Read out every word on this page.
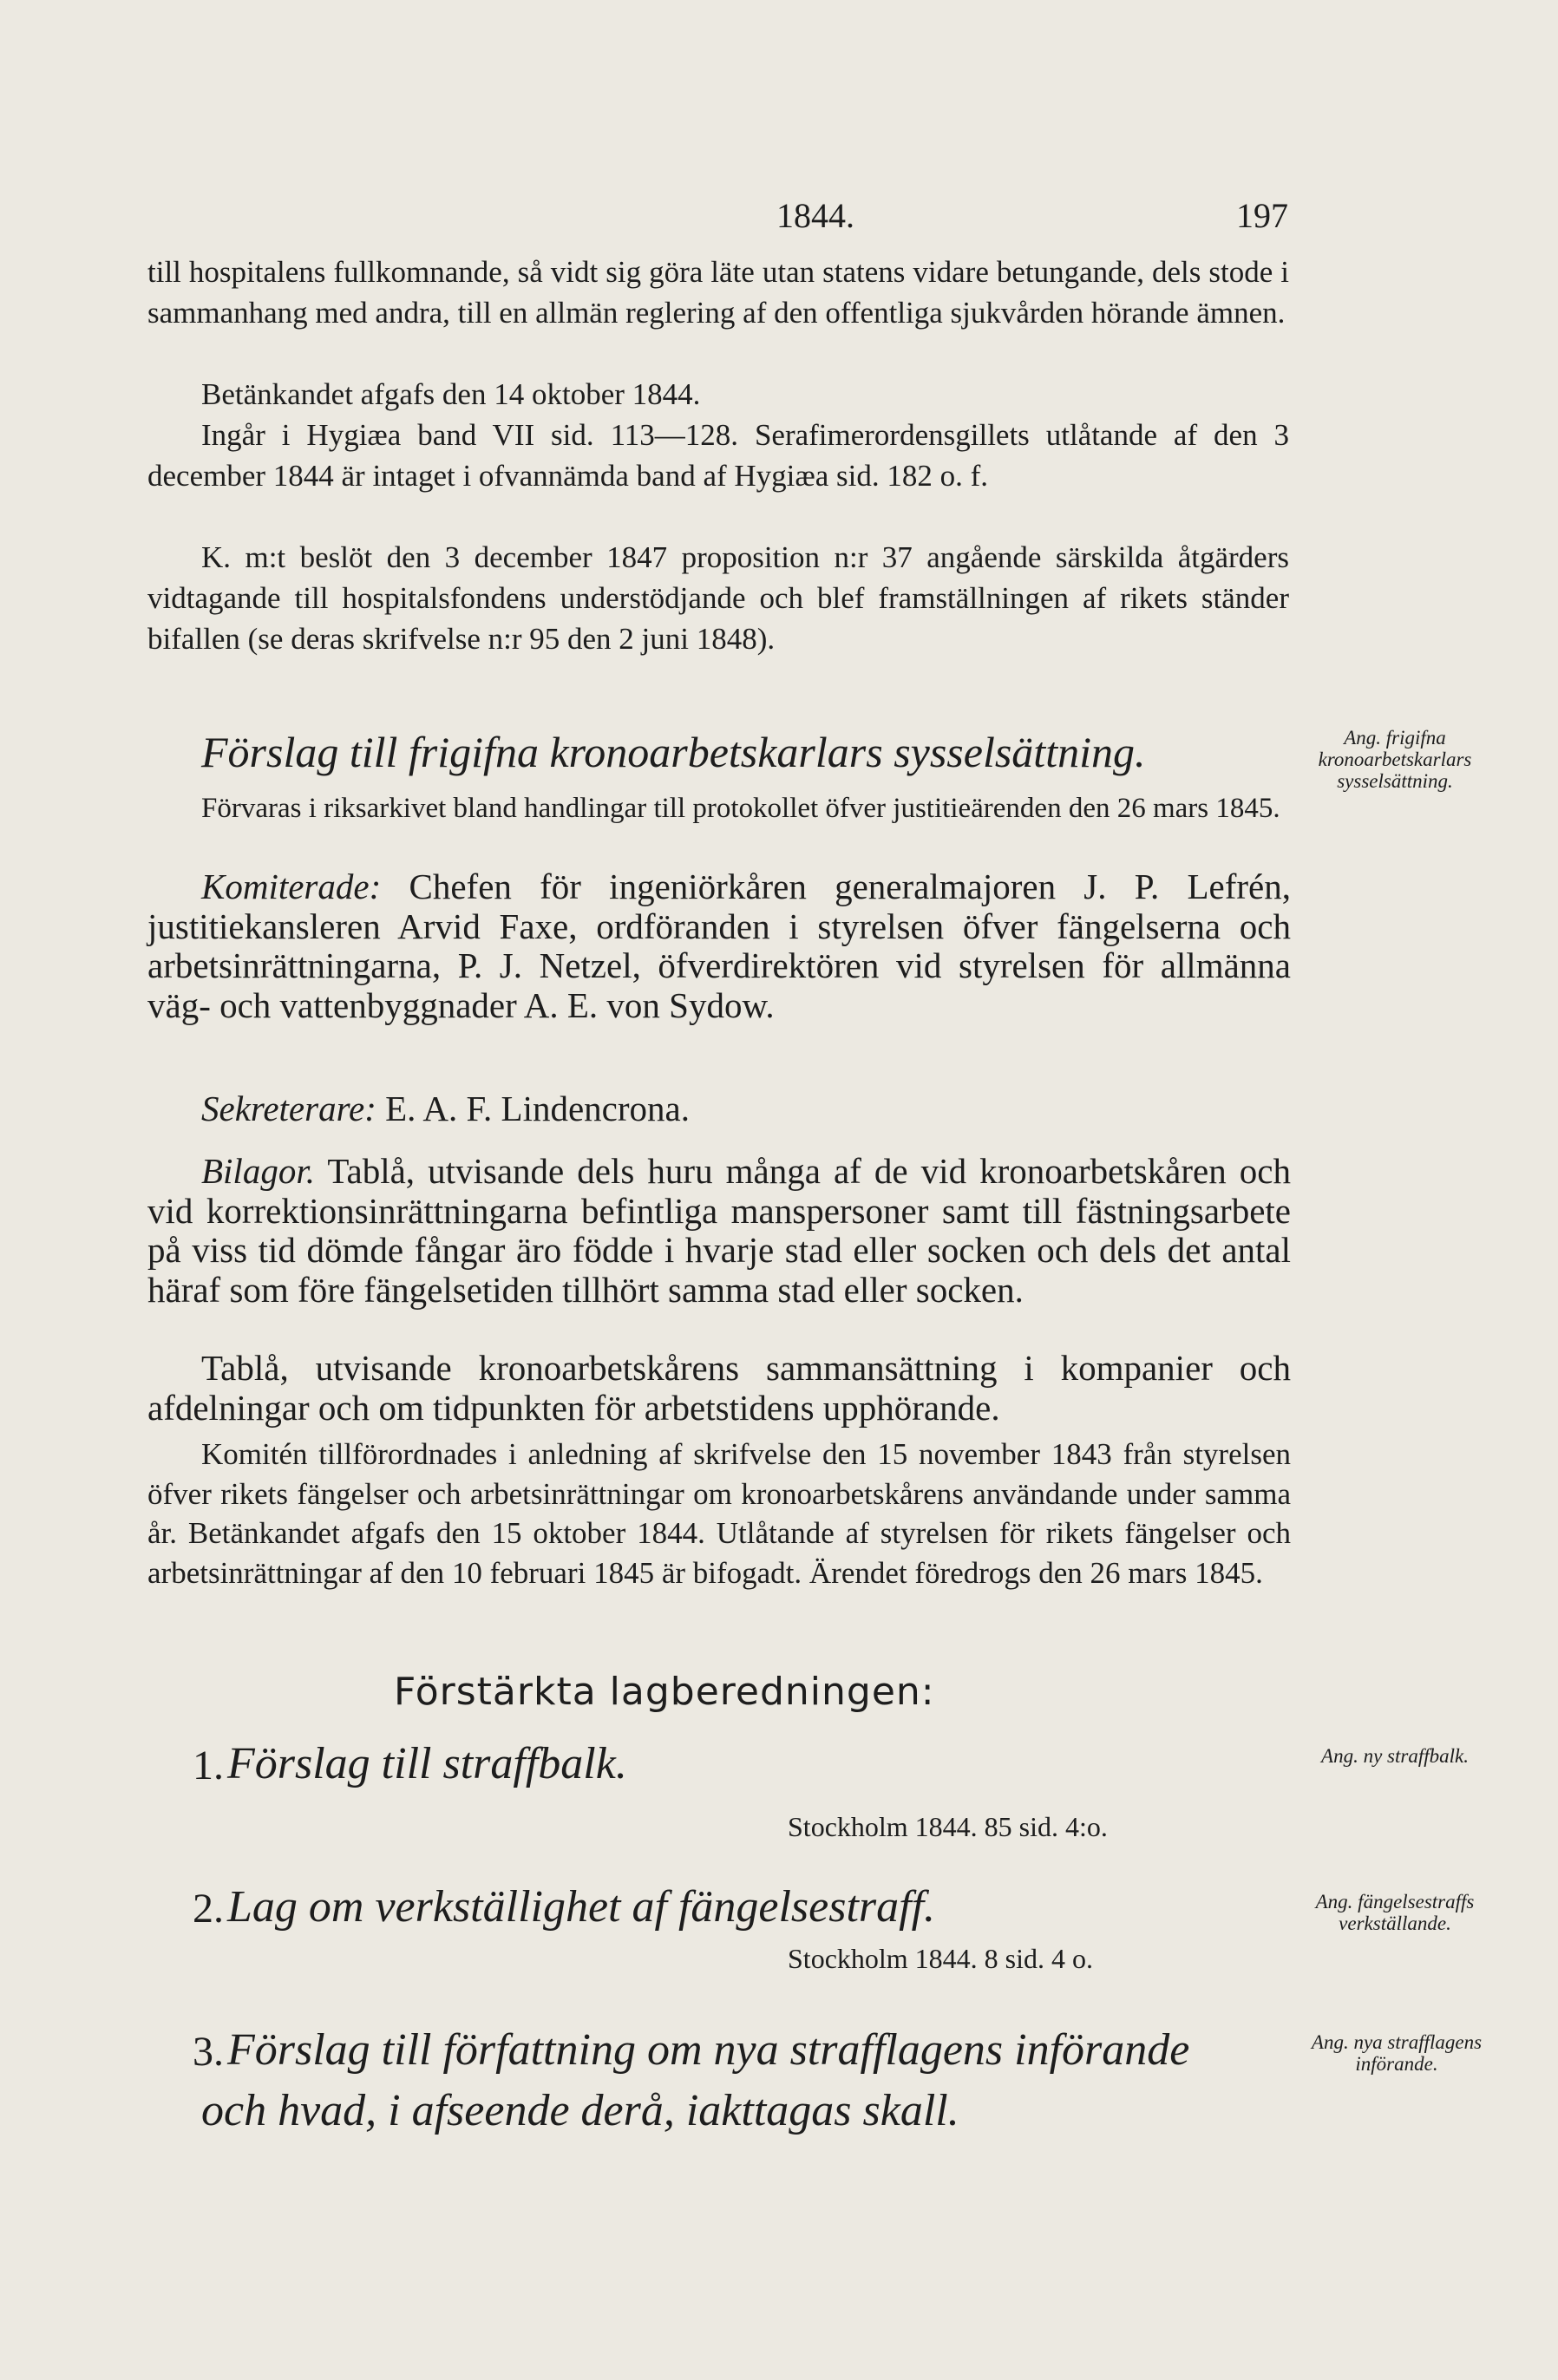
1844.	197

till hospitalens fullkomnande, så vidt sig göra läte utan statens vidare betungande, dels stode i sammanhang med andra, till en allmän reglering af den offentliga sjukvården hörande ämnen.

Betänkandet afgafs den 14 oktober 1844.

Ingår i Hygiæa band VII sid. 113—128. Serafimerordensgillets utlåtande af den 3 december 1844 är intaget i ofvannämda band af Hygiæa sid. 182 o. f.

K. m:t beslöt den 3 december 1847 proposition n:r 37 angående särskilda åtgärders vidtagande till hospitalsfondens understödjande och blef framställningen af rikets ständer bifallen (se deras skrifvelse n:r 95 den 2 juni 1848).

Förslag till frigifna kronoarbetskarlars sysselsättning.

Förvaras i riksarkivet bland handlingar till protokollet öfver justitieärenden den 26 mars 1845.

Komiterade: Chefen för ingeniörkåren generalmajoren J. P. Lefrén, justitiekansleren Arvid Faxe, ordföranden i styrelsen öfver fängelserna och arbetsinrättningarna, P. J. Netzel, öfverdirektören vid styrelsen för allmänna väg- och vattenbyggnader A. E. von Sydow.

Sekreterare: E. A. F. Lindencrona.

Bilagor. Tablå, utvisande dels huru många af de vid kronoarbetskåren och vid korrektionsinrättningarna befintliga manspersoner samt till fästningsarbete på viss tid dömde fångar äro födde i hvarje stad eller socken och dels det antal häraf som före fängelsetiden tillhört samma stad eller socken.

Tablå, utvisande kronoarbetskårens sammansättning i kompanier och afdelningar och om tidpunkten för arbetstidens upphörande.

Komitén tillförordnades i anledning af skrifvelse den 15 november 1843 från styrelsen öfver rikets fängelser och arbetsinrättningar om kronoarbetskårens användande under samma år. Betänkandet afgafs den 15 oktober 1844. Utlåtande af styrelsen för rikets fängelser och arbetsinrättningar af den 10 februari 1845 är bifogadt. Ärendet föredrogs den 26 mars 1845.

Ang. frigifna kronoarbetskarlars sysselsättning.
Förstärkta lagberedningen:
1. Förslag till straffbalk.
Stockholm 1844. 85 sid. 4:o.
Ang. ny straffbalk.
2. Lag om verkställighet af fängelsestraff.
Stockholm 1844. 8 sid. 4 o.
Ang. fängelsestraffs verkställande.
3. Förslag till författning om nya strafflagens införande
och hvad, i afseende derå, iakttagas skall.
Ang. nya strafflagens införande.
